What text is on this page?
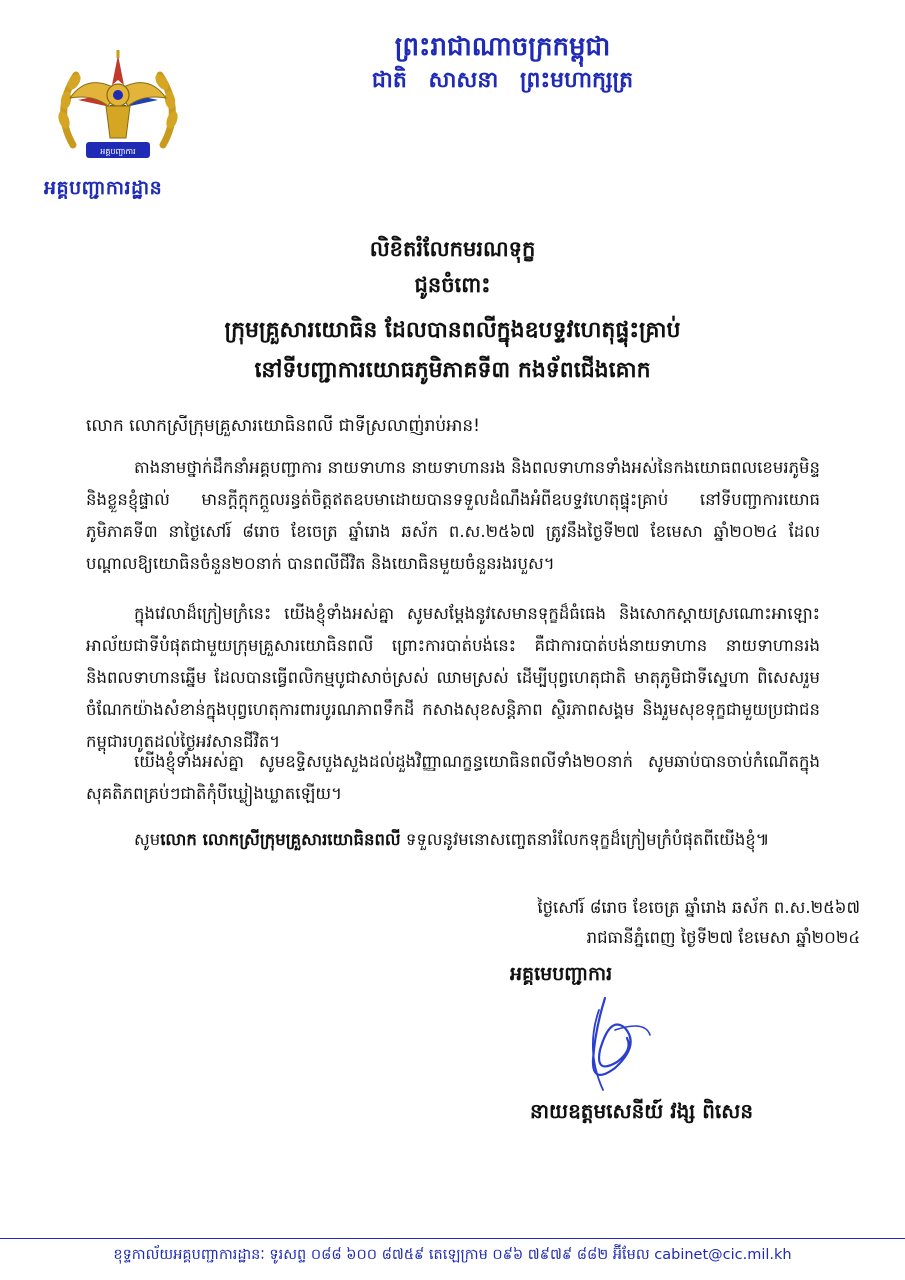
អគ្គបញ្ជាការ
អគ្គបញ្ជាការដ្ឋាន
ព្រះរាជាណាចក្រកម្ពុជា
ជាតិ សាសនា ព្រះមហាក្សត្រ
លិខិតរំលែកមរណទុក្ខ
ជូនចំពោះ
ក្រុមគ្រួសារយោធិន ដែលបានពលីក្នុងឧបទ្ទវហេតុផ្ទុះគ្រាប់
នៅទីបញ្ជាការយោធភូមិភាគទី៣ កងទ័ពជើងគោក
លោក លោកស្រីក្រុមគ្រួសារយោធិនពលី ជាទីស្រលាញ់រាប់អាន!
តាងនាមថ្នាក់ដឹកនាំអគ្គបញ្ជាការ នាយទាហាន នាយទាហានរង និងពលទាហានទាំងអស់នៃកងយោធពលខេមរភូមិន្ទ និងខ្លួនខ្ញុំផ្ទាល់ មានក្តីក្តុកក្តួលរន្ធត់ចិត្តឥតឧបមាដោយបានទទួលដំណឹងអំពីឧបទ្ទវហេតុផ្ទុះគ្រាប់ នៅទីបញ្ជាការយោធភូមិភាគទី៣ នាថ្ងៃសៅរ៍ ៨រោច ខែចេត្រ ឆ្នាំរោង ឆស័ក ព.ស.២៥៦៧ ត្រូវនឹងថ្ងៃទី២៧ ខែមេសា ឆ្នាំ២០២៤ ដែលបណ្តាលឱ្យយោធិនចំនួន២០នាក់ បានពលីជីវិត និងយោធិនមួយចំនួនរងរបួស។
ក្នុងវេលាដ៏ក្រៀមក្រំនេះ យើងខ្ញុំទាំងអស់គ្នា សូមសម្តែងនូវសេមានទុក្ខដ៏ធំធេង និងសោកស្តាយស្រណោះអាឡោះអាល័យជាទីបំផុតជាមួយក្រុមគ្រួសារយោធិនពលី ព្រោះការបាត់បង់នេះ គឺជាការបាត់បង់នាយទាហាន នាយទាហានរង និងពលទាហានឆ្នើម ដែលបានធ្វើពលិកម្មបូជាសាច់ស្រស់ ឈាមស្រស់ ដើម្បីបុព្វហេតុជាតិ មាតុភូមិជាទីស្នេហា ពិសេសរួមចំណែកយ៉ាងសំខាន់ក្នុងបុព្វហេតុការពារបូរណភាពទឹកដី កសាងសុខសន្តិភាព ស្ថិរភាពសង្គម និងរួមសុខទុក្ខជាមួយប្រជាជនកម្ពុជារហូតដល់ថ្ងៃអវសានជីវិត។
យើងខ្ញុំទាំងអស់គ្នា សូមឧទ្ទិសបួងសួងដល់ដួងវិញ្ញាណក្ខន្ធយោធិនពលីទាំង២០នាក់ សូមឆាប់បានចាប់កំណើតក្នុងសុគតិភពគ្រប់ៗជាតិកុំបីឃ្លៀងឃ្លាតឡើយ។
សូមលោក លោកស្រីក្រុមគ្រួសារយោធិនពលី ទទួលនូវមនោសញ្ចេតនារំលែកទុក្ខដ៏ក្រៀមក្រំបំផុតពីយើងខ្ញុំ៕
ថ្ងៃសៅរ៍ ៨រោច ខែចេត្រ ឆ្នាំរោង ឆស័ក ព.ស.២៥៦៧
រាជធានីភ្នំពេញ ថ្ងៃទី២៧ ខែមេសា ឆ្នាំ២០២៤
អគ្គមេបញ្ជាការ
នាយឧត្តមសេនីយ៍ វង្ស ពិសេន
ខុទ្ទកាល័យអគ្គបញ្ជាការដ្ឋានៈ ទូរសព្ទ ០៨៨ ៦០០ ៨៧៥៩ តេឡេក្រាម ០៩៦ ៧៩៧៩ ៨៨២ អ៊ីមែល cabinet@cic.mil.kh
